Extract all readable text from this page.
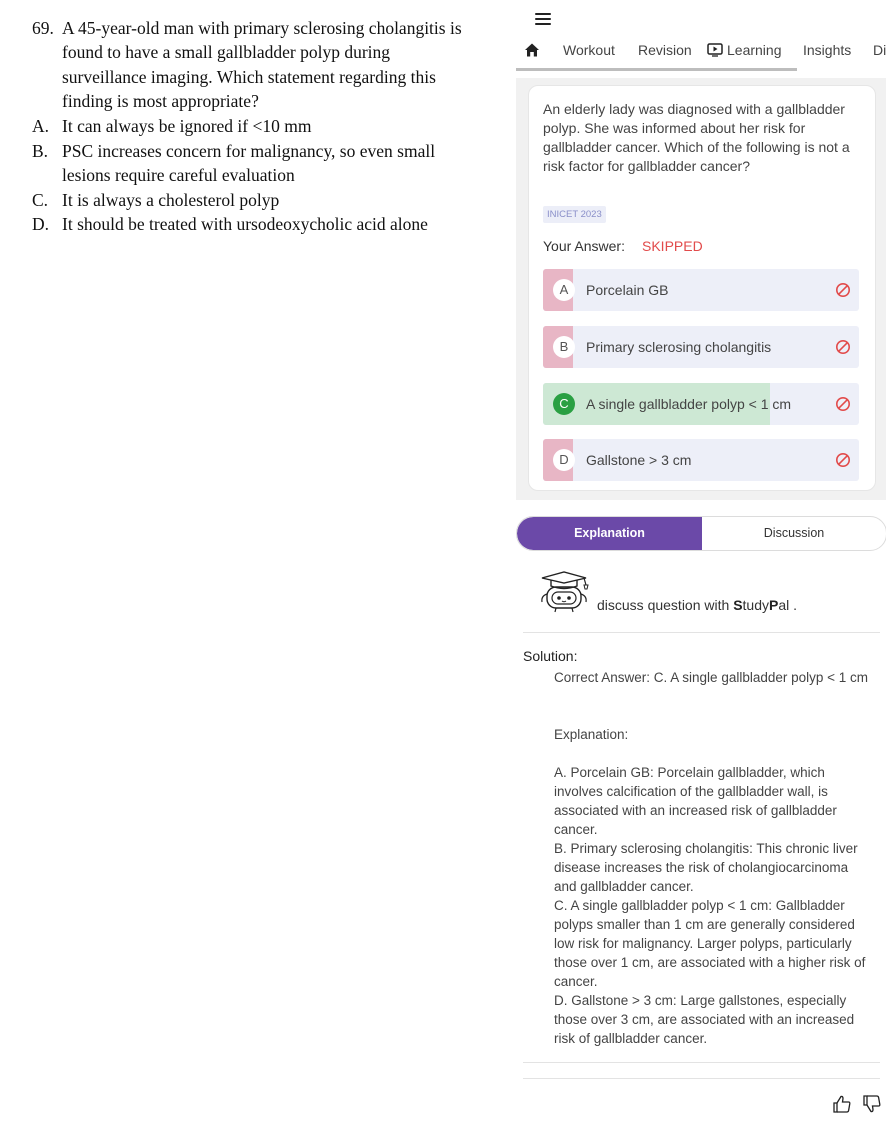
69. A 45-year-old man with primary sclerosing cholangitis is found to have a small gallbladder polyp during surveillance imaging. Which statement regarding this finding is most appropriate?
A. It can always be ignored if <10 mm
B. PSC increases concern for malignancy, so even small lesions require careful evaluation
C. It is always a cholesterol polyp
D. It should be treated with ursodeoxycholic acid alone
Workout Revision	Learning Insights Di
An elderly lady was diagnosed with a gallbladder polyp. She was informed about her risk for gallbladder cancer. Which of the following is not a risk factor for gallbladder cancer?
INICET 2023
Your Answer: SKIPPED
A	Porcelain GB
B	Primary sclerosing cholangitis
C	A single gallbladder polyp < 1 cm
D	Gallstone > 3 cm
Explanation	Discussion
discuss question with StudyPal .
Solution:
Correct Answer: C. A single gallbladder polyp < 1 cm
Explanation:
A. Porcelain GB: Porcelain gallbladder, which involves calcification of the gallbladder wall, is associated with an increased risk of gallbladder cancer.
B. Primary sclerosing cholangitis: This chronic liver disease increases the risk of cholangiocarcinoma and gallbladder cancer.
C. A single gallbladder polyp < 1 cm: Gallbladder polyps smaller than 1 cm are generally considered low risk for malignancy. Larger polyps, particularly those over 1 cm, are associated with a higher risk of cancer.
D. Gallstone > 3 cm: Large gallstones, especially those over 3 cm, are associated with an increased risk of gallbladder cancer.
